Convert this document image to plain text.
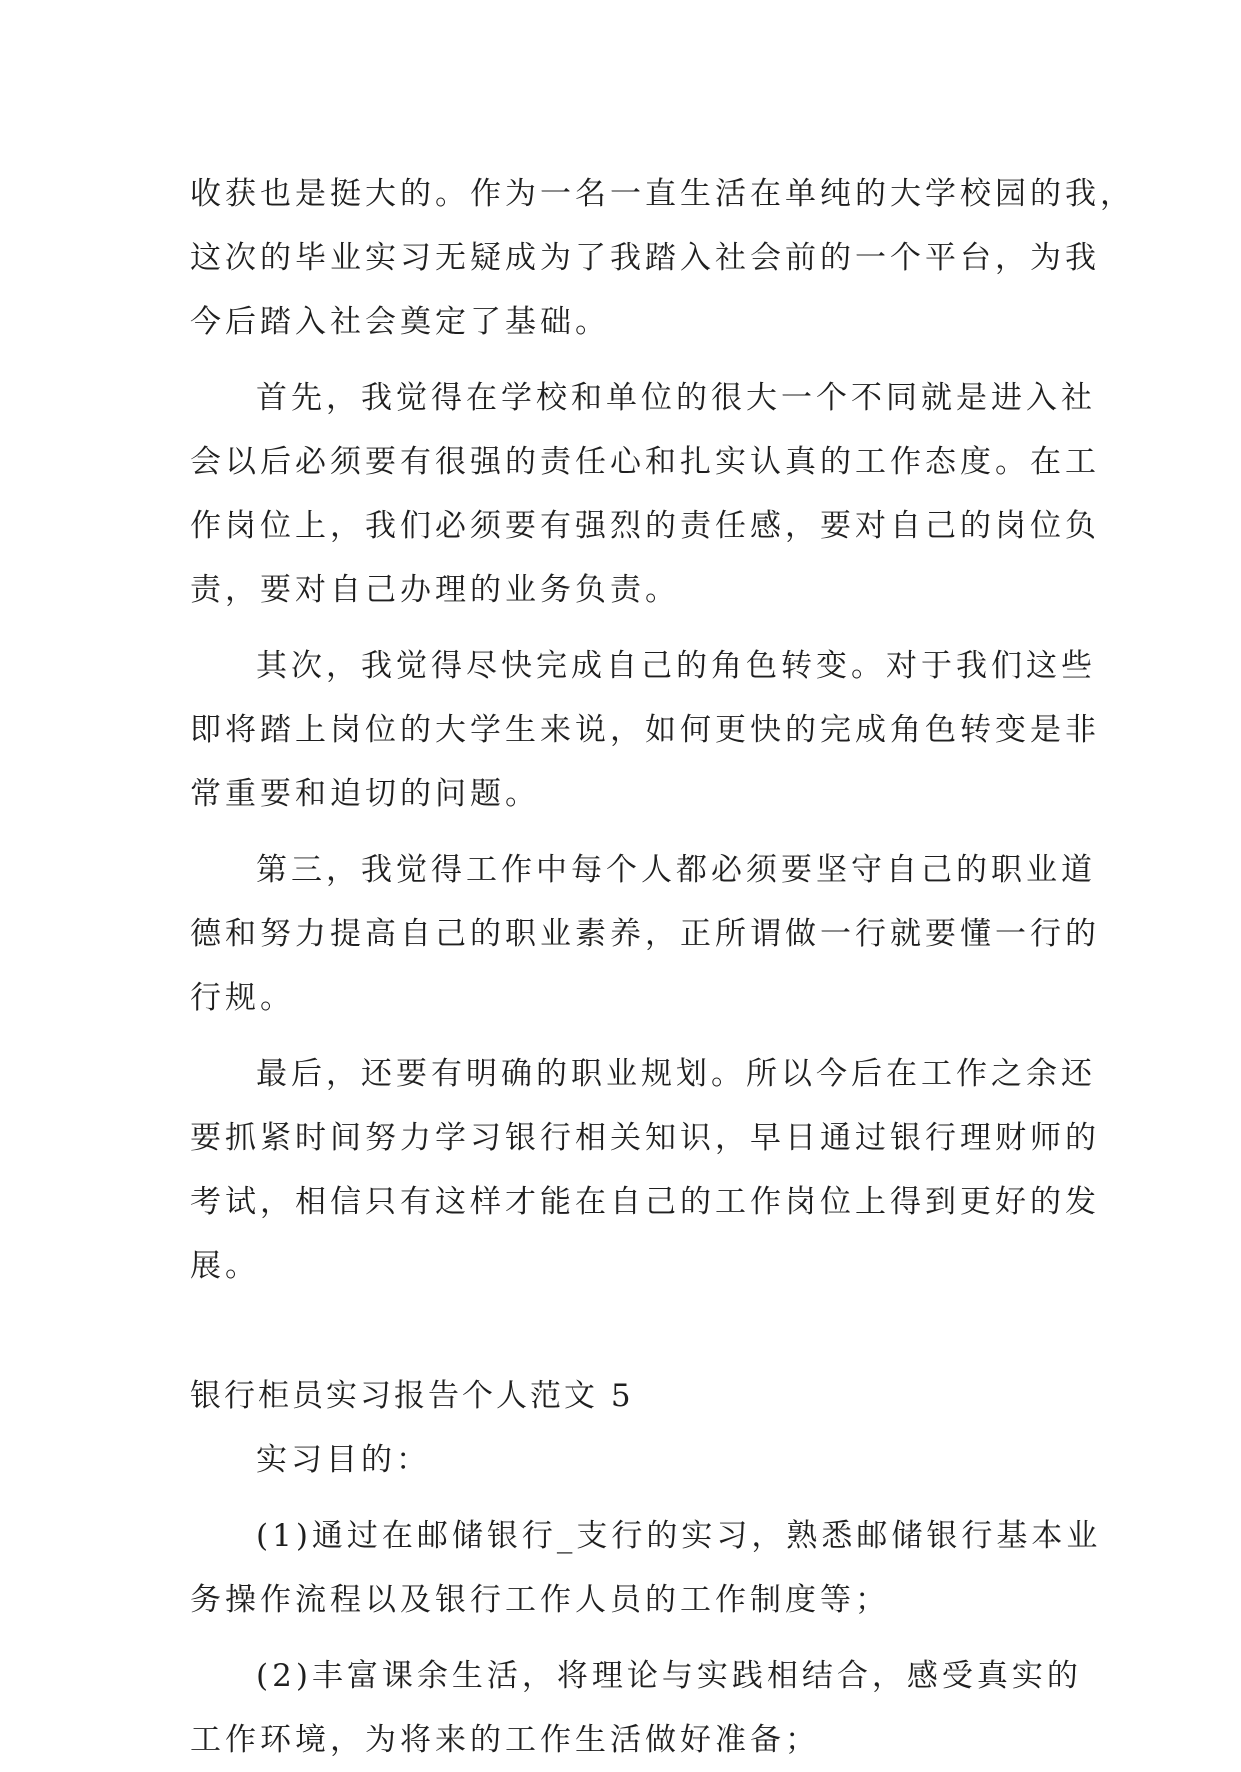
收获也是挺大的。作为一名一直生活在单纯的大学校园的我，
这次的毕业实习无疑成为了我踏入社会前的一个平台，为我
今后踏入社会奠定了基础。
首先，我觉得在学校和单位的很大一个不同就是进入社
会以后必须要有很强的责任心和扎实认真的工作态度。在工
作岗位上，我们必须要有强烈的责任感，要对自己的岗位负
责，要对自己办理的业务负责。
其次，我觉得尽快完成自己的角色转变。对于我们这些
即将踏上岗位的大学生来说，如何更快的完成角色转变是非
常重要和迫切的问题。
第三，我觉得工作中每个人都必须要坚守自己的职业道
德和努力提高自己的职业素养，正所谓做一行就要懂一行的
行规。
最后，还要有明确的职业规划。所以今后在工作之余还
要抓紧时间努力学习银行相关知识，早日通过银行理财师的
考试，相信只有这样才能在自己的工作岗位上得到更好的发
展。
银行柜员实习报告个人范文 5
实习目的：
(1)通过在邮储银行_支行的实习，熟悉邮储银行基本业
务操作流程以及银行工作人员的工作制度等；
(2)丰富课余生活，将理论与实践相结合，感受真实的
工作环境，为将来的工作生活做好准备；
